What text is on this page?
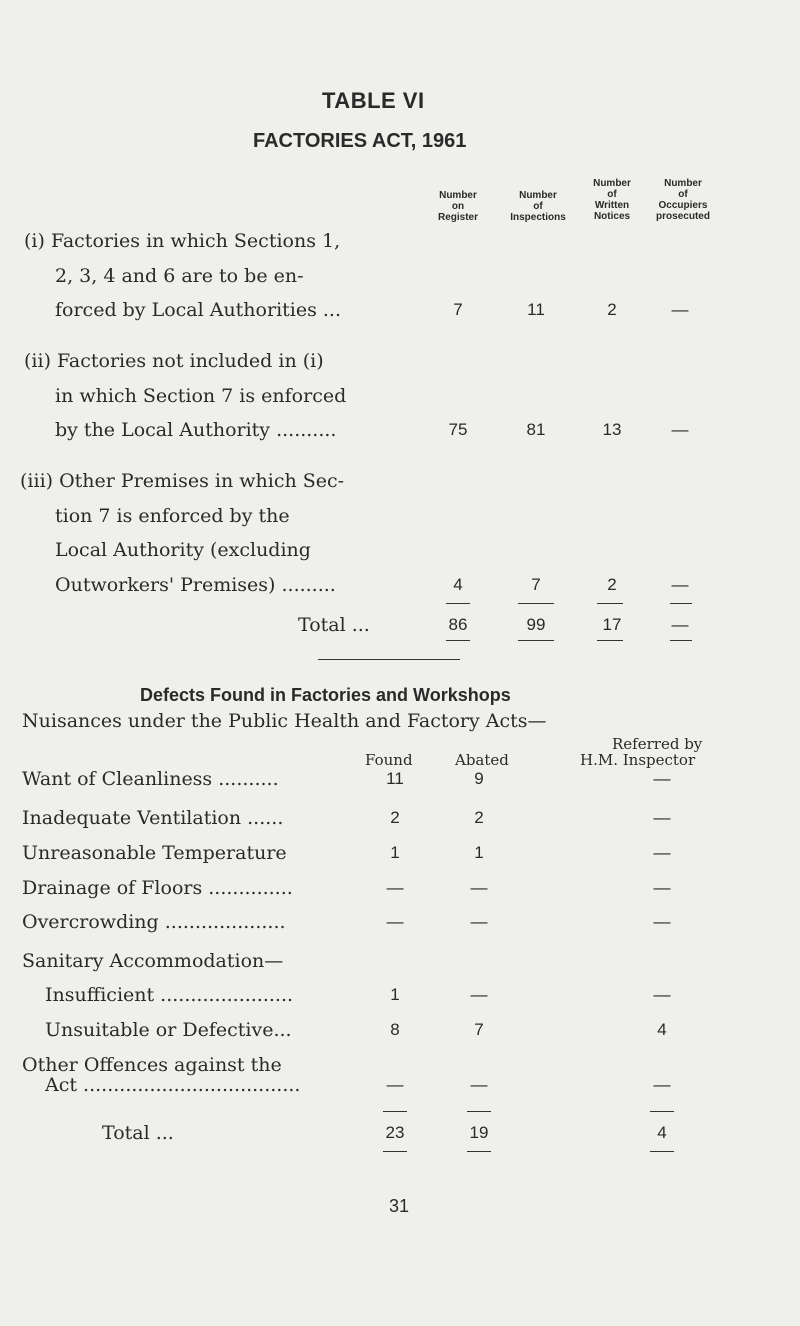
TABLE VI
FACTORIES ACT, 1961
Number
on
Register
Number
of
Inspections
Number
of
Written
Notices
Number
of
Occupiers
prosecuted
(i) Factories in which Sections 1,
2, 3, 4 and 6 are to be en-
forced by Local Authorities ...	7	11	2	—
(ii) Factories not included in (i)
in which Section 7 is enforced
by the Local Authority ..........	75	81	13	—
(iii) Other Premises in which Sec-
tion 7 is enforced by the
Local Authority (excluding
Outworkers' Premises) .........	4	7	2	—
Total ...	86	99	17	—
Defects Found in Factories and Workshops
Nuisances under the Public Health and Factory Acts—
Found	Abated
Referred by
H.M. Inspector
Want of Cleanliness ..........	11	9	—
Inadequate Ventilation ......	2	2	—
Unreasonable Temperature	1	1	—
Drainage of Floors ..............	—	—	—
Overcrowding ....................	—	—	—
Sanitary Accommodation—
Insufficient ......................	1	—	—
Unsuitable or Defective...	8	7	4
Other Offences against the
Act ....................................	—	—	—
Total ...	23	19	4
31
